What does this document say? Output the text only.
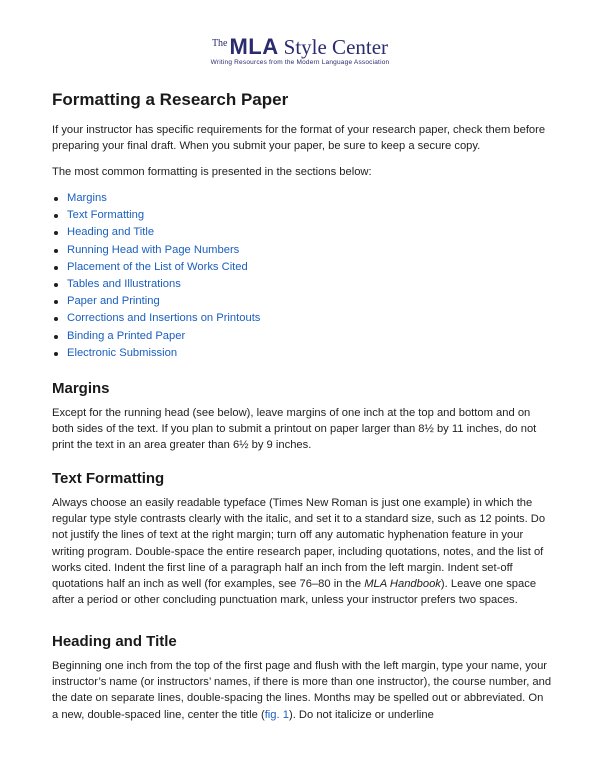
The MLA Style Center
Writing Resources from the Modern Language Association
Formatting a Research Paper

If your instructor has specific requirements for the format of your research paper, check them before preparing your final draft. When you submit your paper, be sure to keep a secure copy.

The most common formatting is presented in the sections below:

Margins
Text Formatting
Heading and Title
Running Head with Page Numbers
Placement of the List of Works Cited
Tables and Illustrations
Paper and Printing
Corrections and Insertions on Printouts
Binding a Printed Paper
Electronic Submission
Margins

Except for the running head (see below), leave margins of one inch at the top and bottom and on both sides of the text. If you plan to submit a printout on paper larger than 8½ by 11 inches, do not print the text in an area greater than 6½ by 9 inches.

Text Formatting

Always choose an easily readable typeface (Times New Roman is just one example) in which the regular type style contrasts clearly with the italic, and set it to a standard size, such as 12 points. Do not justify the lines of text at the right margin; turn off any automatic hyphenation feature in your writing program. Double-space the entire research paper, including quotations, notes, and the list of works cited. Indent the first line of a paragraph half an inch from the left margin. Indent set-off quotations half an inch as well (for examples, see 76–80 in the MLA Handbook). Leave one space after a period or other concluding punctuation mark, unless your instructor prefers two spaces.

Heading and Title

Beginning one inch from the top of the first page and flush with the left margin, type your name, your instructor’s name (or instructors’ names, if there is more than one instructor), the course number, and the date on separate lines, double-spacing the lines. Months may be spelled out or abbreviated. On a new, double-spaced line, center the title (fig. 1). Do not italicize or underline
